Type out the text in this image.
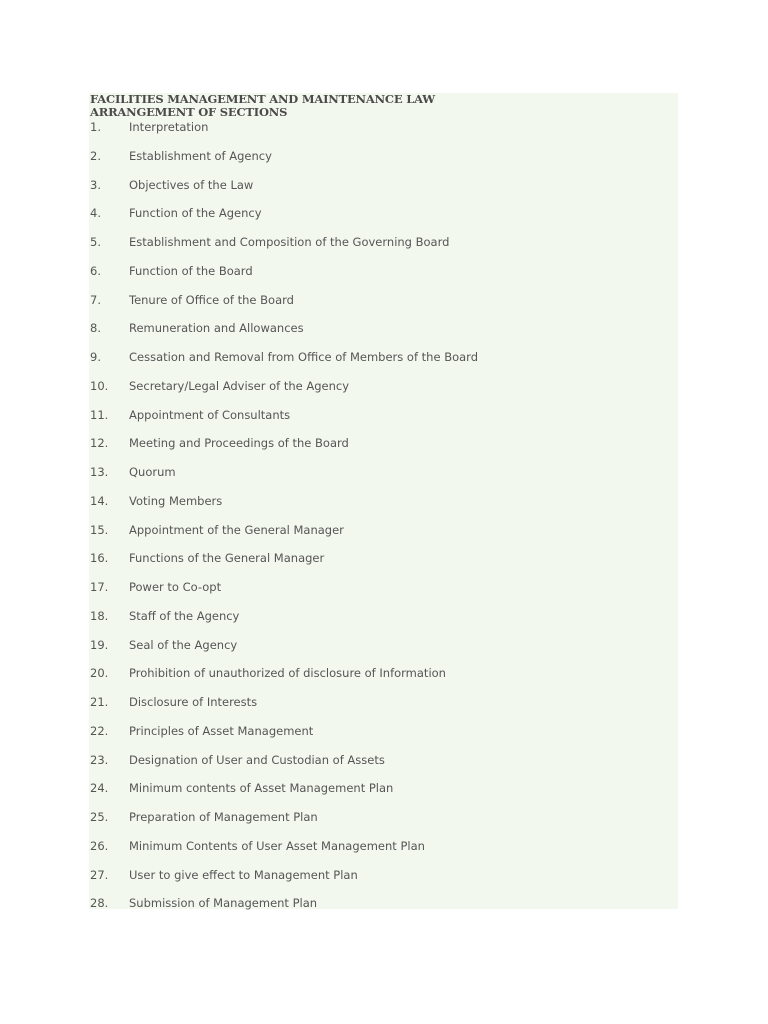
FACILITIES MANAGEMENT AND MAINTENANCE LAW
ARRANGEMENT OF SECTIONS
1. Interpretation
2. Establishment of Agency
3. Objectives of the Law
4. Function of the Agency
5. Establishment and Composition of the Governing Board
6. Function of the Board
7. Tenure of Office of the Board
8. Remuneration and Allowances
9. Cessation and Removal from Office of Members of the Board
10. Secretary/Legal Adviser of the Agency
11. Appointment of Consultants
12. Meeting and Proceedings of the Board
13. Quorum
14. Voting Members
15. Appointment of the General Manager
16. Functions of the General Manager
17. Power to Co-opt
18. Staff of the Agency
19. Seal of the Agency
20. Prohibition of unauthorized of disclosure of Information
21. Disclosure of Interests
22. Principles of Asset Management
23. Designation of User and Custodian of Assets
24. Minimum contents of Asset Management Plan
25. Preparation of Management Plan
26. Minimum Contents of User Asset Management Plan
27. User to give effect to Management Plan
28. Submission of Management Plan
